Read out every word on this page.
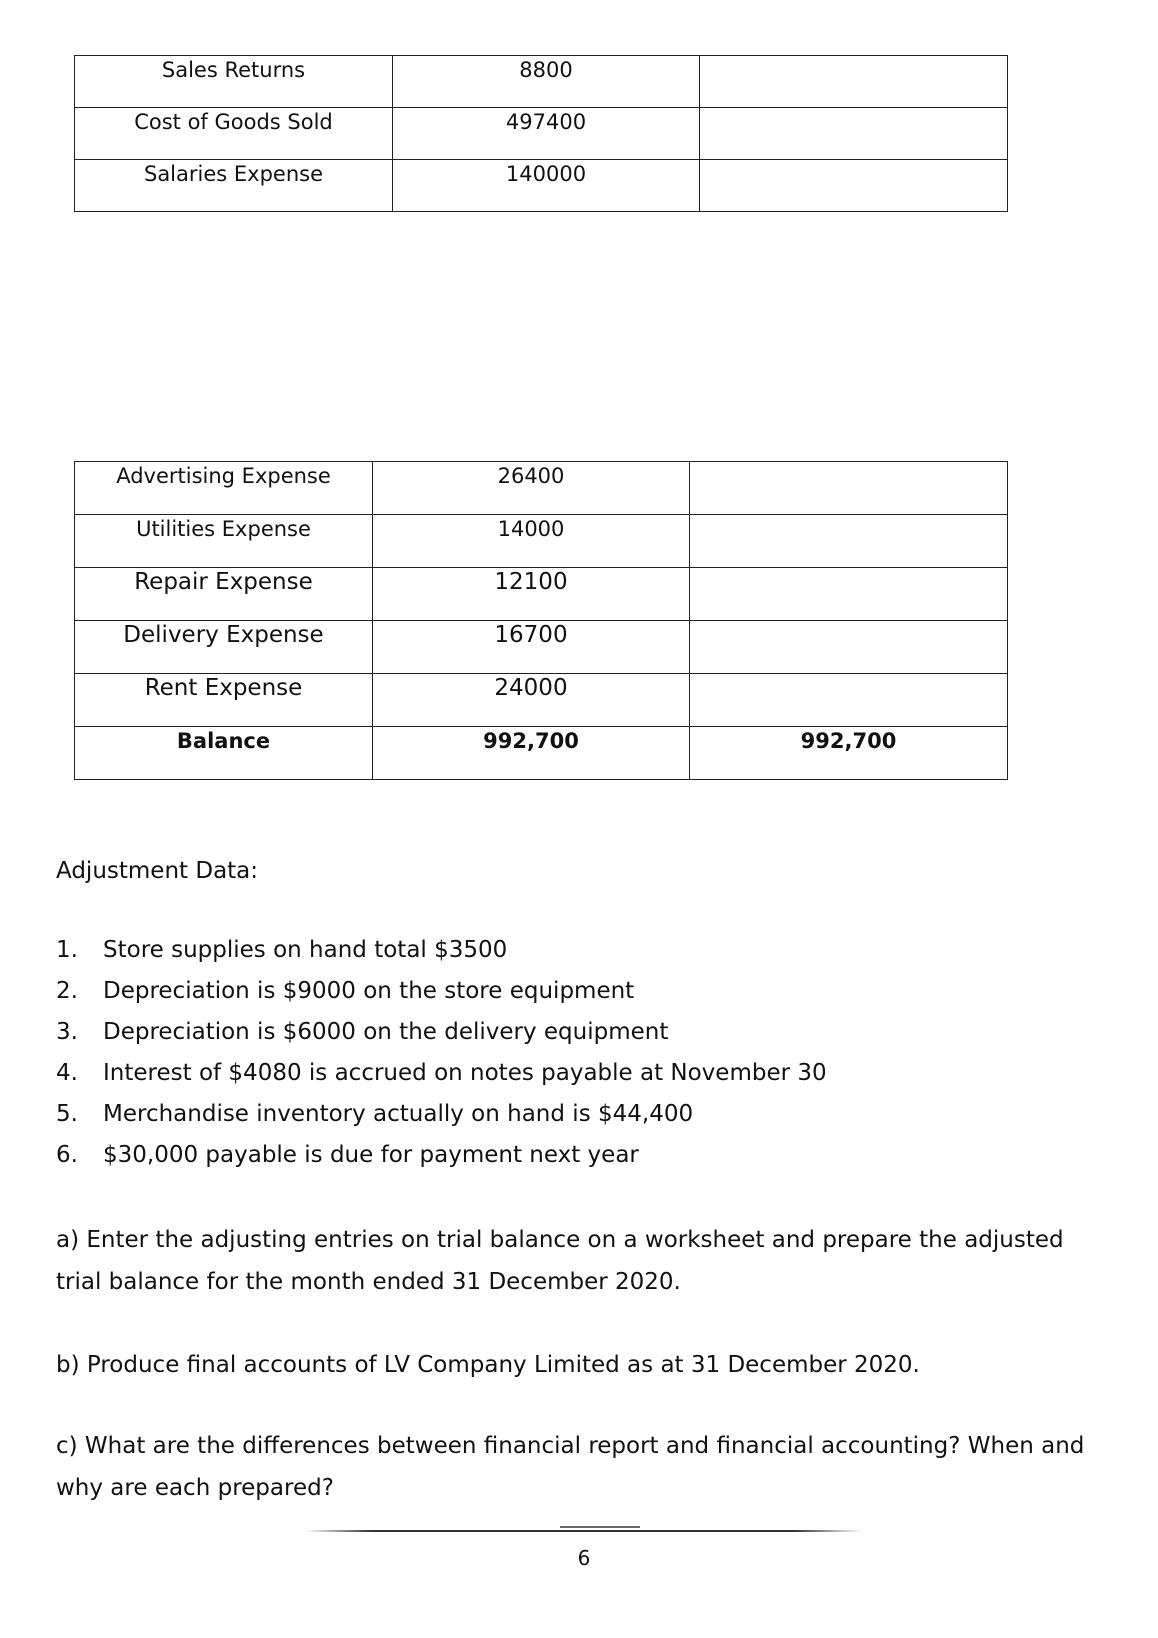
Sales Returns	8800	
Cost of Goods Sold	497400	
Salaries Expense	140000	
Advertising Expense	26400	
Utilities Expense	14000	
Repair Expense	12100	
Delivery Expense	16700	
Rent Expense	24000	
Balance	992,700	992,700
Adjustment Data:
1. Store supplies on hand total $3500
2. Depreciation is $9000 on the store equipment
3. Depreciation is $6000 on the delivery equipment
4. Interest of $4080 is accrued on notes payable at November 30
5. Merchandise inventory actually on hand is $44,400
6. $30,000 payable is due for payment next year

a) Enter the adjusting entries on trial balance on a worksheet and prepare the adjusted trial balance for the month ended 31 December 2020.

b) Produce final accounts of LV Company Limited as at 31 December 2020.

c) What are the differences between financial report and financial accounting? When and why are each prepared?

6
